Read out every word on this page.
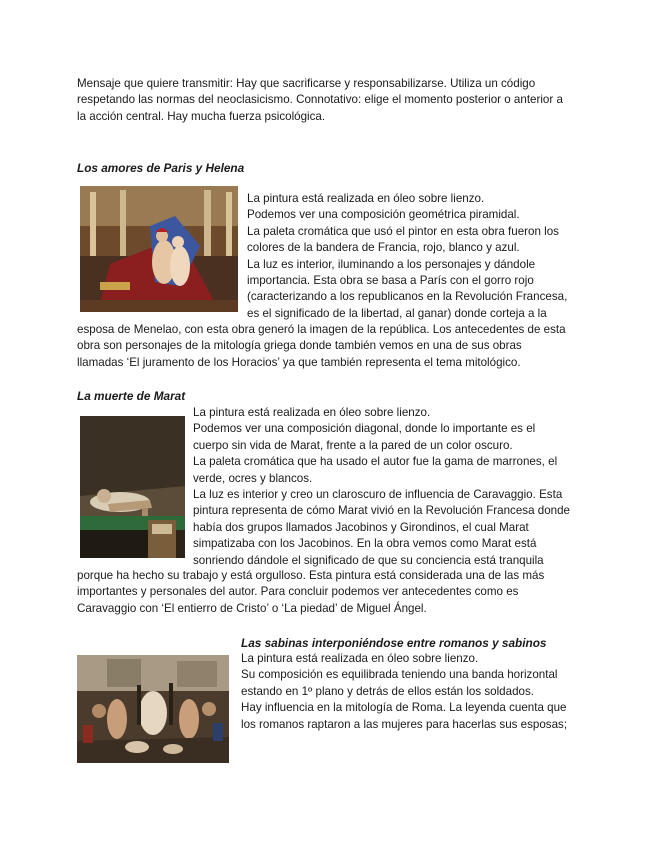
Mensaje que quiere transmitir: Hay que sacrificarse y responsabilizarse. Utiliza un código
respetando las normas del neoclasicismo. Connotativo: elige el momento posterior o anterior a
la acción central. Hay mucha fuerza psicológica.
Los amores de Paris y Helena
La pintura está realizada en óleo sobre lienzo.
Podemos ver una composición geométrica piramidal.
La paleta cromática que usó el pintor en esta obra fueron los
colores de la bandera de Francia, rojo, blanco y azul.
La luz es interior, iluminando a los personajes y dándole
importancia. Esta obra se basa a París con el gorro rojo
(caracterizando a los republicanos en la Revolución Francesa,
es el significado de la libertad, al ganar) donde corteja a la
esposa de Menelao, con esta obra generó la imagen de la república. Los antecedentes de esta
obra son personajes de la mitología griega donde también vemos en una de sus obras
llamadas ‘El juramento de los Horacios’ ya que también representa el tema mitológico.
La muerte de Marat
La pintura está realizada en óleo sobre lienzo.
Podemos ver una composición diagonal, donde lo importante es el
cuerpo sin vida de Marat, frente a la pared de un color oscuro.
La paleta cromática que ha usado el autor fue la gama de marrones, el
verde, ocres y blancos.
La luz es interior y creo un claroscuro de influencia de Caravaggio. Esta
pintura representa de cómo Marat vivió en la Revolución Francesa donde
había dos grupos llamados Jacobinos y Girondinos, el cual Marat
simpatizaba con los Jacobinos. En la obra vemos como Marat está
sonriendo dándole el significado de que su conciencia está tranquila
porque ha hecho su trabajo y está orgulloso. Esta pintura está considerada una de las más
importantes y personales del autor. Para concluir podemos ver antecedentes como es
Caravaggio con ‘El entierro de Cristo’ o ‘La piedad’ de Miguel Ángel.
Las sabinas interponiéndose entre romanos y sabinos
La pintura está realizada en óleo sobre lienzo.
Su composición es equilibrada teniendo una banda horizontal
estando en 1º plano y detrás de ellos están los soldados.
Hay influencia en la mitología de Roma. La leyenda cuenta que
los romanos raptaron a las mujeres para hacerlas sus esposas;
